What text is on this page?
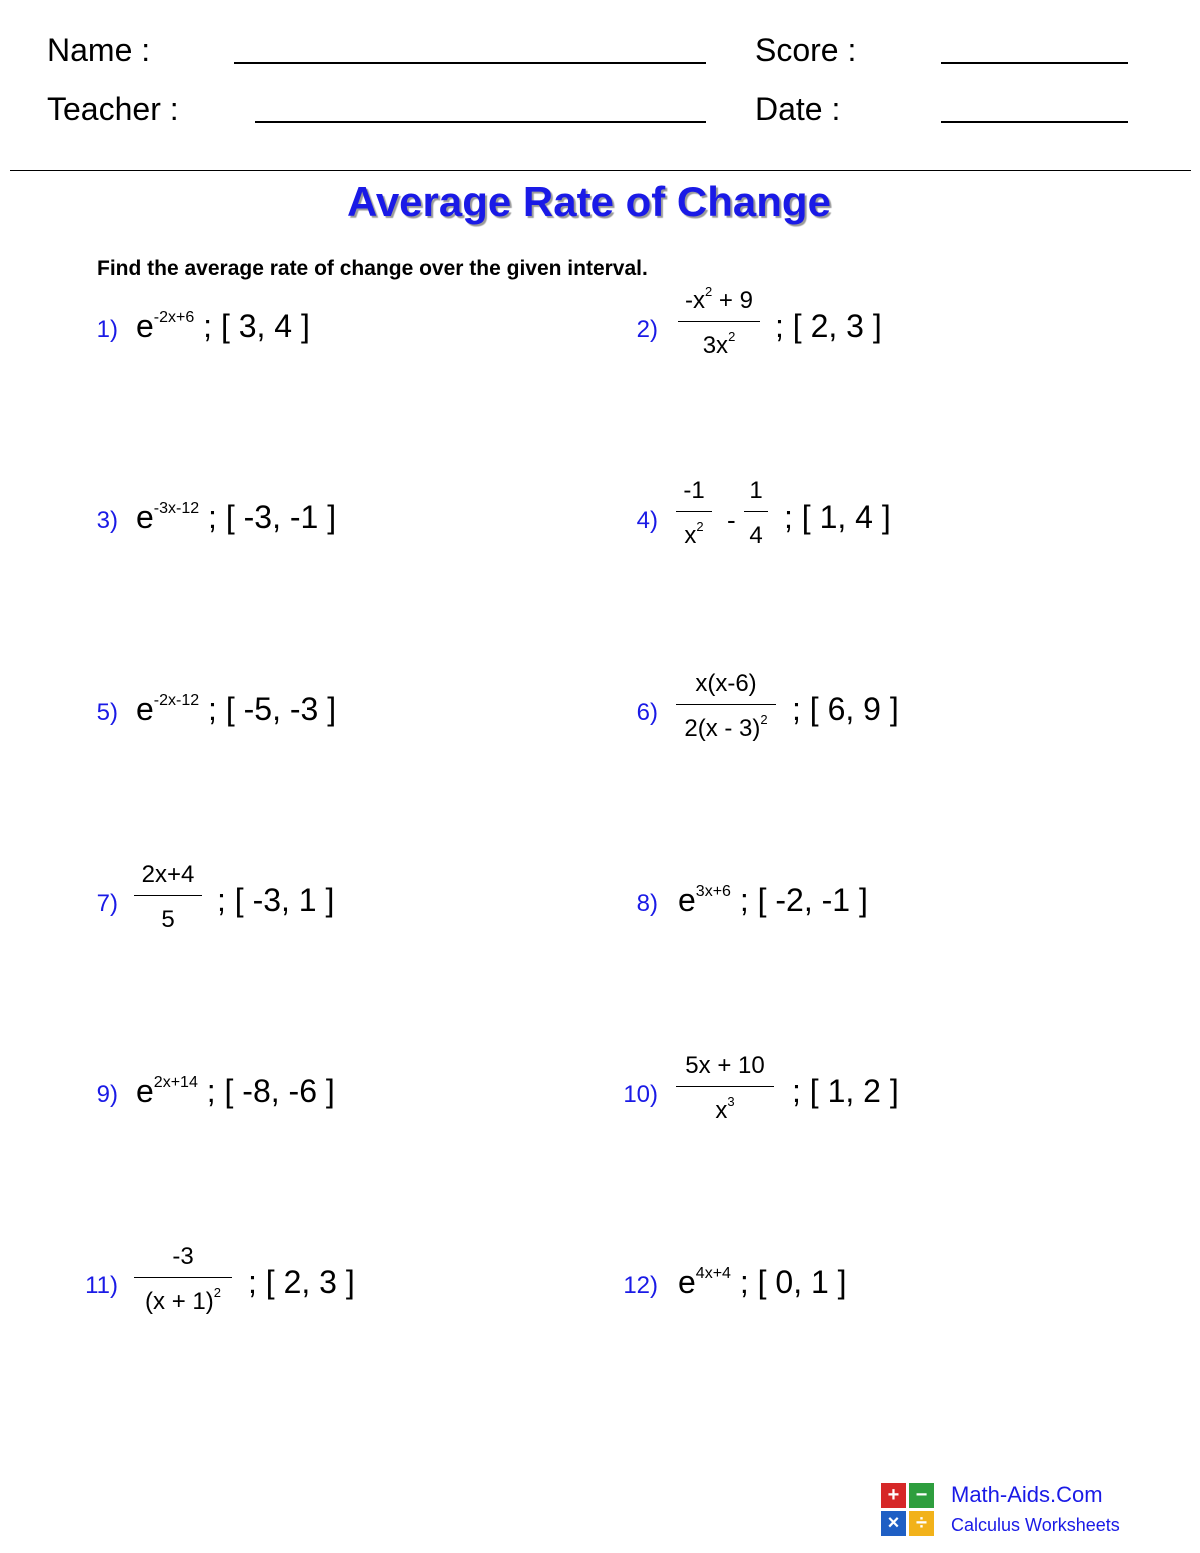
Name :	Score :
Teacher :	Date :
Average Rate of Change
Find the average rate of change over the given interval.
1) $e^{-2x+6}$ ; [ 3, 4 ]	2)
$-x^2 + 9$
$3x^2$	; [ 2, 3 ]
3) $e^{-3x-12}$ ; [ -3, -1 ]	4)
-1
$x^2$ -
1
4
; [ 1, 4 ]
5) $e^{-2x-12}$ ; [ -5, -3 ]	6)
x(x-6)
2(x - 3)$^2$ ; [ 6, 9 ]
7)
2x+4
5
; [ -3, 1 ]	8) $e^{3x+6}$ ; [ -2, -1 ]
9) $e^{2x+14}$ ; [ -8, -6 ]	10)
5x + 10
$x^3$	; [ 1, 2 ]
11)
-3
$(x + 1)^2$ ; [ 2, 3 ]	12) $e^{4x+4}$ ; [ 0, 1 ]
+ −
× ÷
Math-Aids.Com
Calculus Worksheets
